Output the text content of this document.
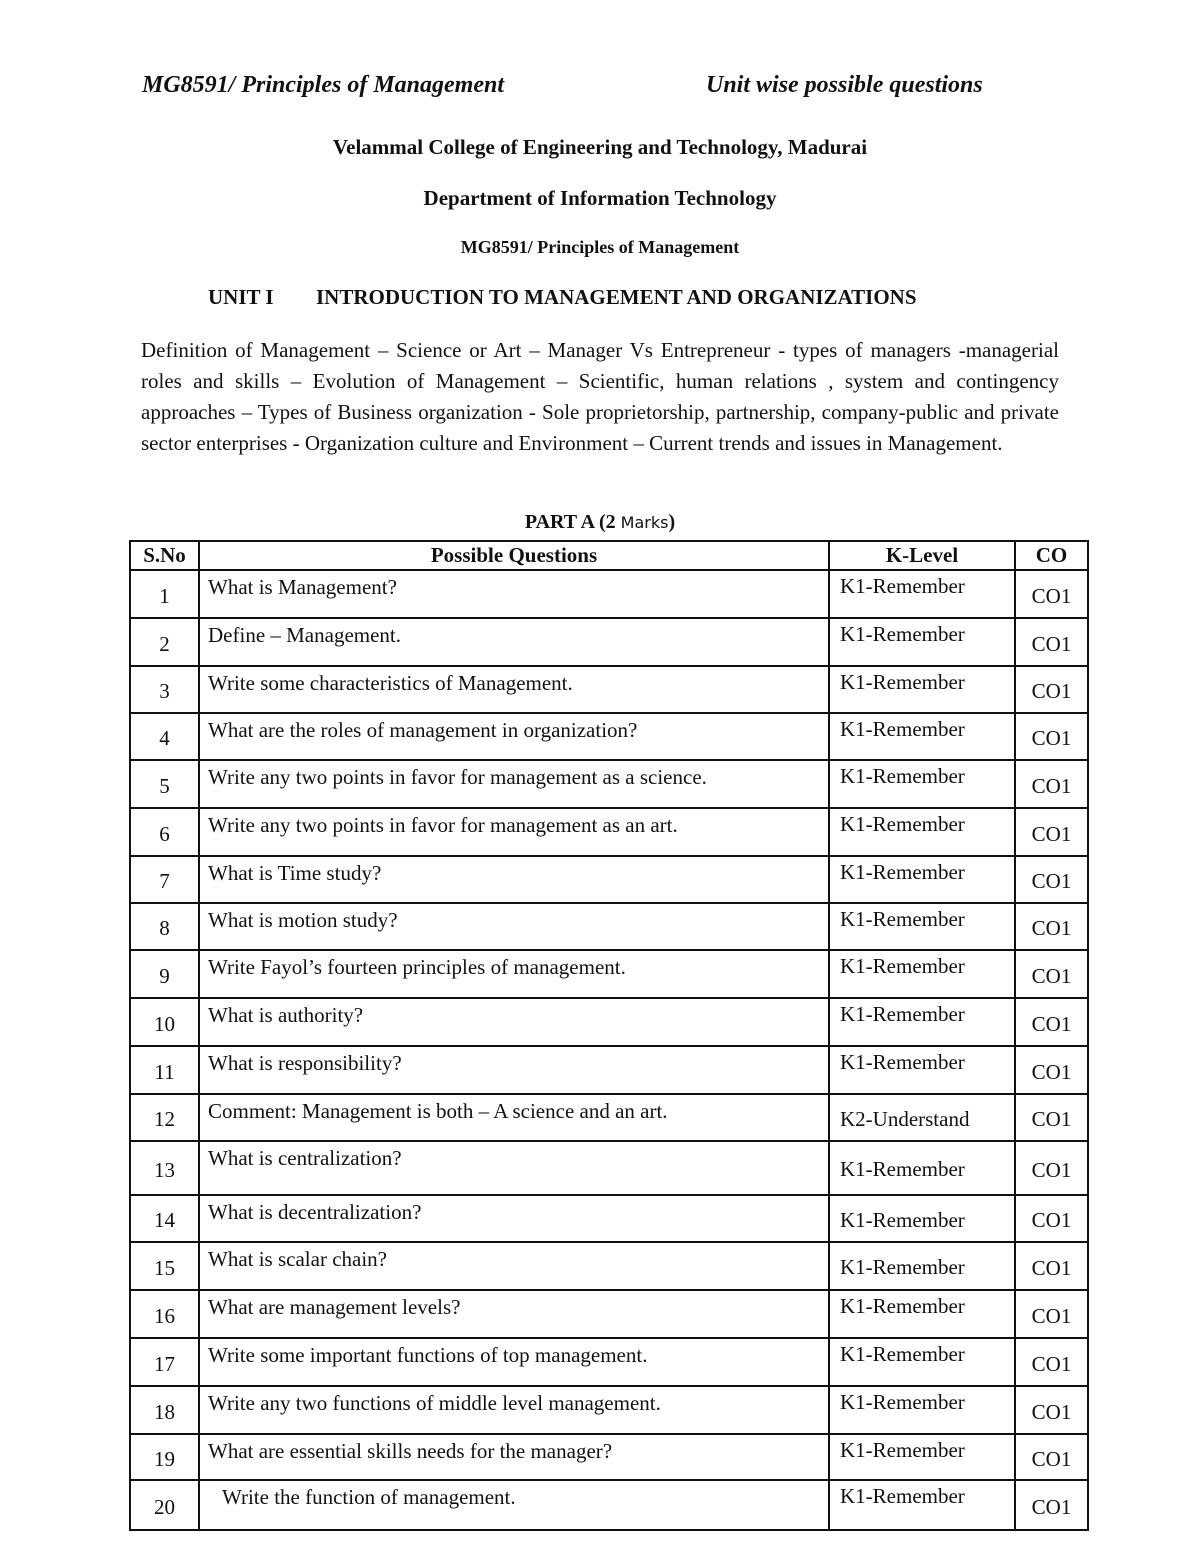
MG8591/ Principles of Management	Unit wise possible questions
Velammal College of Engineering and Technology, Madurai
Department of Information Technology
MG8591/ Principles of Management
UNIT I INTRODUCTION TO MANAGEMENT AND ORGANIZATIONS
Definition of Management – Science or Art – Manager Vs Entrepreneur - types of managers -managerial roles and skills – Evolution of Management – Scientific, human relations , system and contingency approaches – Types of Business organization - Sole proprietorship, partnership, company-public and private sector enterprises - Organization culture and Environment – Current trends and issues in Management.
PART A (2 Marks)
S.No	Possible Questions	K-Level	CO
1	What is Management?	K1-Remember	CO1
2	Define – Management.	K1-Remember	CO1
3	Write some characteristics of Management.	K1-Remember	CO1
4	What are the roles of management in organization?	K1-Remember	CO1
5	Write any two points in favor for management as a science.	K1-Remember	CO1
6	Write any two points in favor for management as an art.	K1-Remember	CO1
7	What is Time study?	K1-Remember	CO1
8	What is motion study?	K1-Remember	CO1
9	Write Fayol’s fourteen principles of management.	K1-Remember	CO1
10	What is authority?	K1-Remember	CO1
11	What is responsibility?	K1-Remember	CO1
12	Comment: Management is both – A science and an art.	K2-Understand	CO1
13	What is centralization?	K1-Remember	CO1
14	What is decentralization?	K1-Remember	CO1
15	What is scalar chain?	K1-Remember	CO1
16	What are management levels?	K1-Remember	CO1
17	Write some important functions of top management.	K1-Remember	CO1
18	Write any two functions of middle level management.	K1-Remember	CO1
19	What are essential skills needs for the manager?	K1-Remember	CO1
20	Write the function of management.	K1-Remember	CO1
